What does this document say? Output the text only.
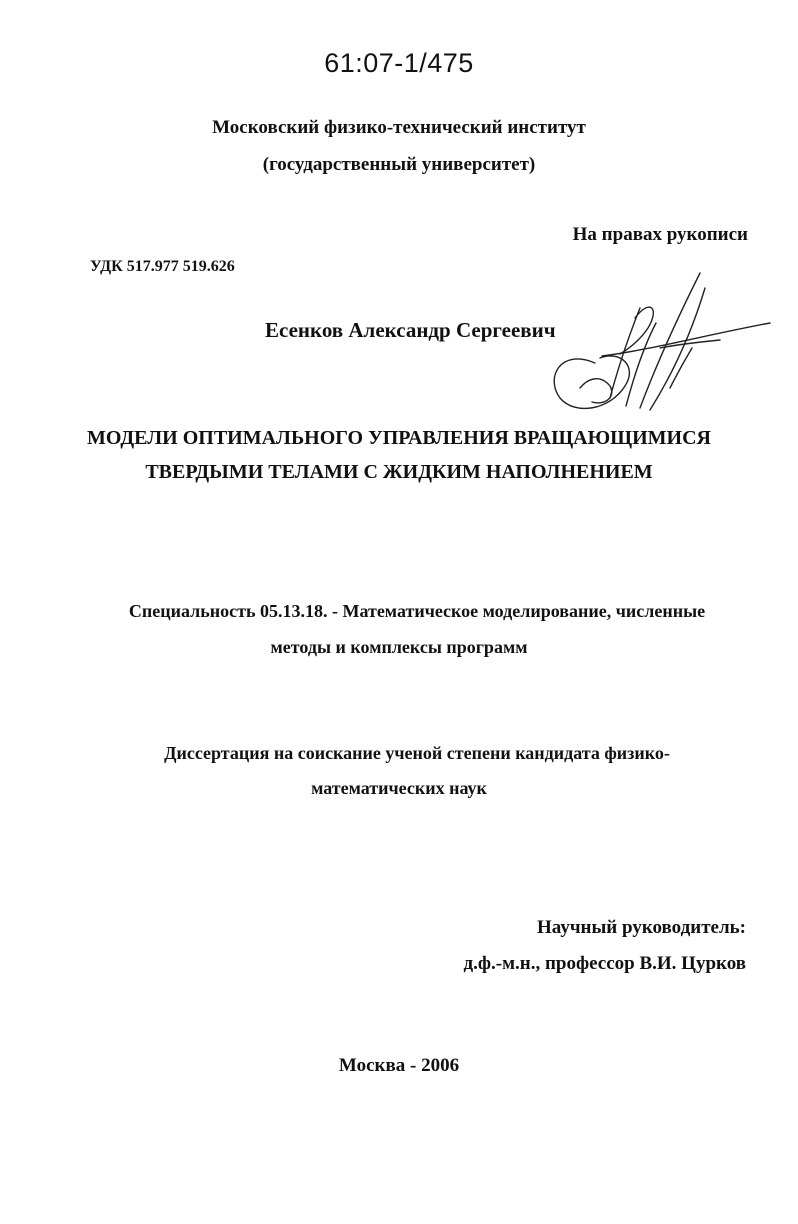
61:07-1/475
Московский физико-технический институт
(государственный университет)
На правах рукописи
УДК 517.977 519.626
Есенков Александр Сергеевич
МОДЕЛИ ОПТИМАЛЬНОГО УПРАВЛЕНИЯ ВРАЩАЮЩИМИСЯ
ТВЕРДЫМИ ТЕЛАМИ С ЖИДКИМ НАПОЛНЕНИЕМ
Специальность 05.13.18. - Математическое моделирование, численные
методы и комплексы программ
Диссертация на соискание ученой степени кандидата физико-
математических наук
Научный руководитель:
д.ф.-м.н., профессор В.И. Цурков
Москва - 2006
